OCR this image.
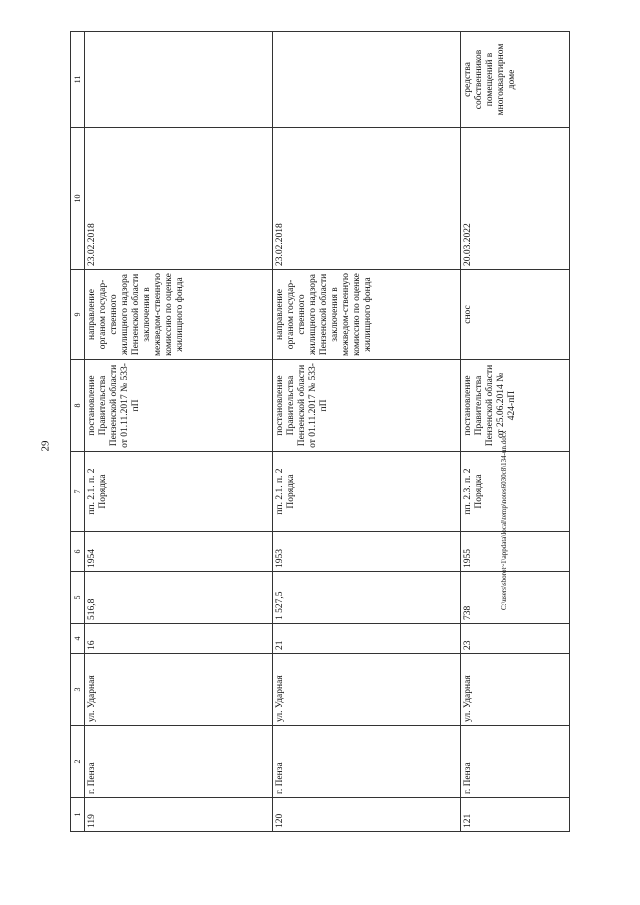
29
1	2	3	4	5	6	7	8	9	10	11
119	г. Пенза	ул. Ударная	16	516,8	1954	пп. 2.1. п. 2 Порядка	постановление Правительства Пензенской области от 01.11.2017 № 533-пП	направление органом государ-ственного жилищного надзора Пензенской области заключения в межведом-ственную комиссию по оценке жилищного фонда	23.02.2018	
120	г. Пенза	ул. Ударная	21	1 527,5	1953	пп. 2.1. п. 2 Порядка	постановление Правительства Пензенской области от 01.11.2017 № 533-пП	направление органом государ-ственного жилищного надзора Пензенской области заключения в межведом-ственную комиссию по оценке жилищного фонда	23.02.2018	
121	г. Пенза	ул. Ударная	23	738	1955	пп. 2.3. п. 2 Порядка	постановление Правительства Пензенской области от 25.06.2014 № 424-пП	снос	20.03.2022	средства собственников помещений в многоквартирном доме
C:\users\sborot~1\appdata\local\temp\notes6030c8\134-un.docx
